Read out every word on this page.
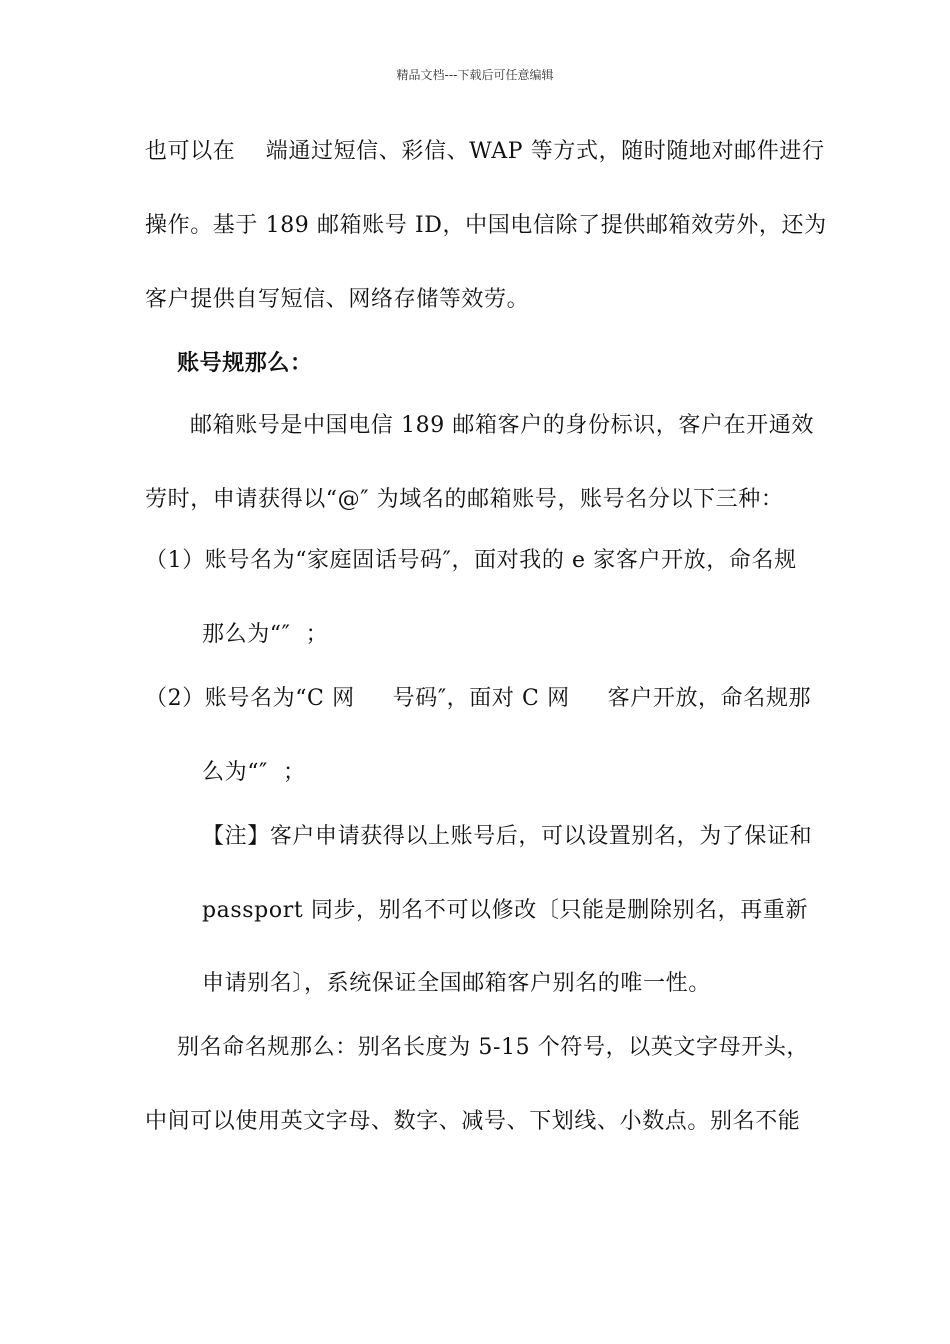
精品文档---下载后可任意编辑
也可以在    端通过短信、彩信、WAP 等方式，随时随地对邮件进行
操作。基于 189 邮箱账号 ID，中国电信除了提供邮箱效劳外，还为
客户提供自写短信、网络存储等效劳。
账号规那么：
邮箱账号是中国电信 189 邮箱客户的身份标识，客户在开通效
劳时，申请获得以“@″ 为域名的邮箱账号，账号名分以下三种：
（1）账号名为“家庭固话号码″，面对我的 e 家客户开放，命名规
那么为“″  ；
（2）账号名为“C 网     号码″，面对 C 网     客户开放，命名规那
么为“″  ；
【注】客户申请获得以上账号后，可以设置别名，为了保证和
passport 同步，别名不可以修改〔只能是删除别名，再重新
申请别名〕，系统保证全国邮箱客户别名的唯一性。
别名命名规那么：别名长度为 5-15 个符号，以英文字母开头，
中间可以使用英文字母、数字、减号、下划线、小数点。别名不能
